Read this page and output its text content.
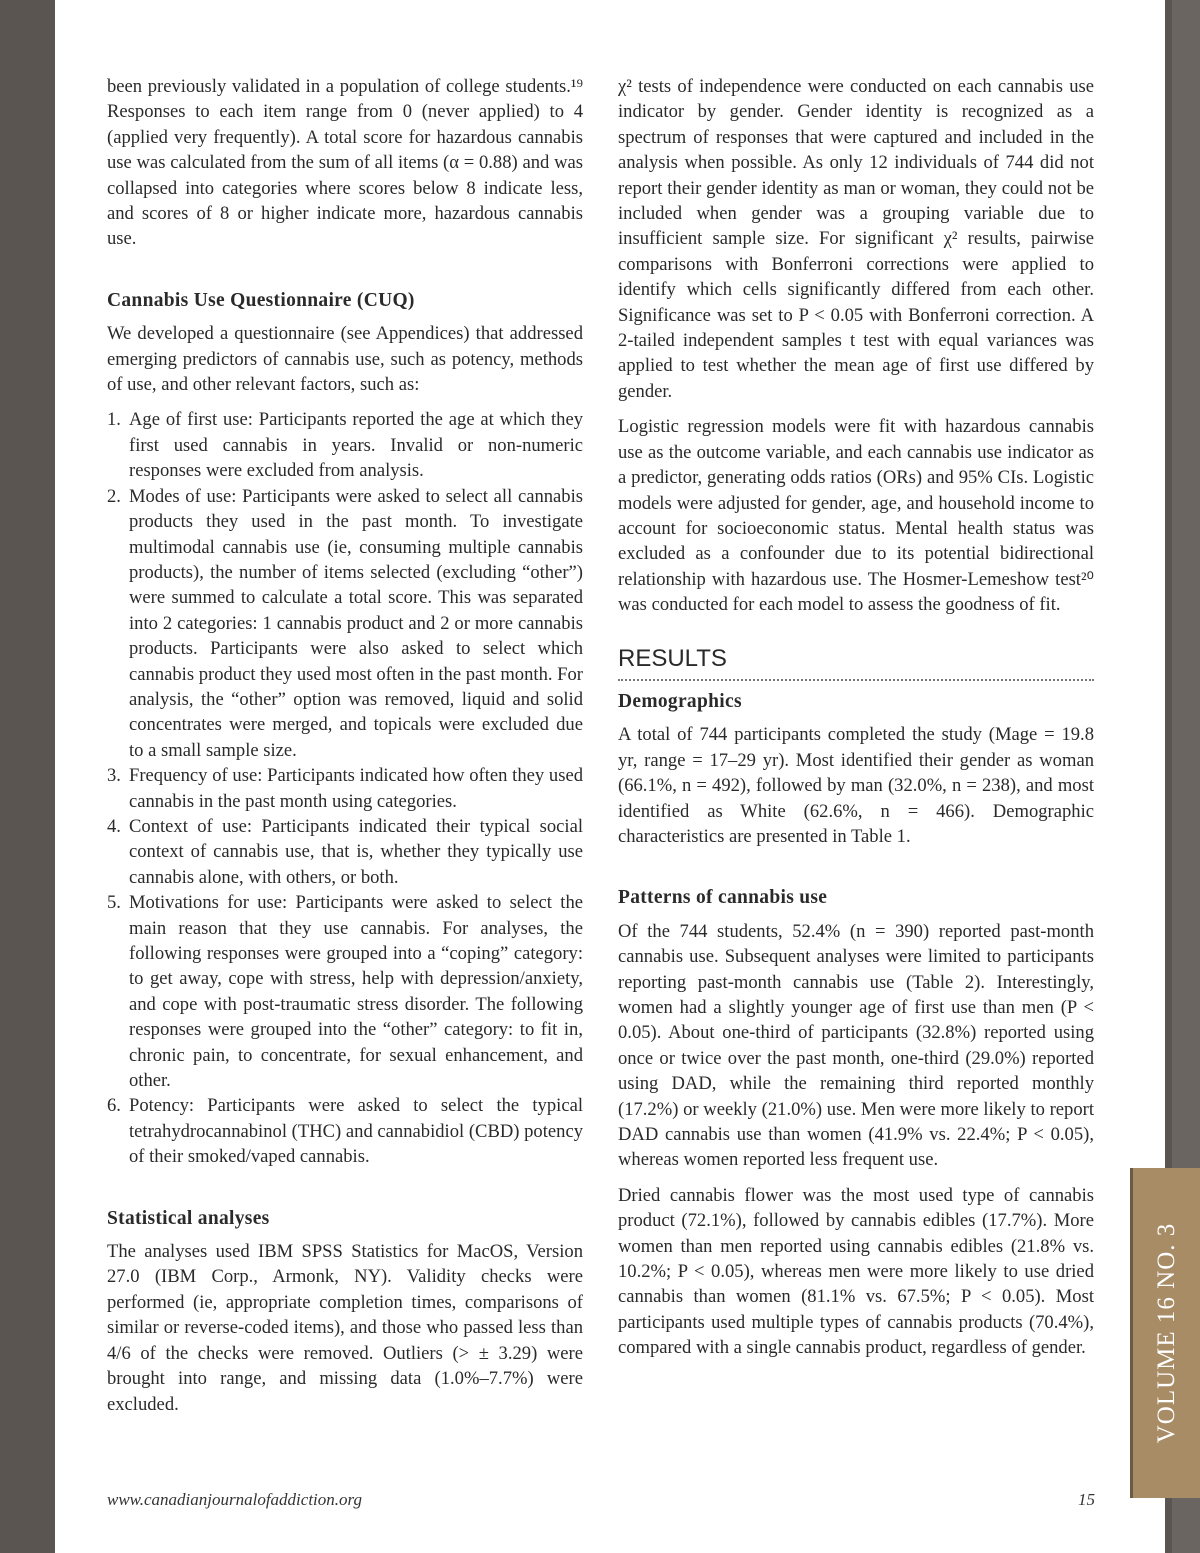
been previously validated in a population of college students.¹⁹ Responses to each item range from 0 (never applied) to 4 (applied very frequently). A total score for hazardous cannabis use was calculated from the sum of all items (α = 0.88) and was collapsed into categories where scores below 8 indicate less, and scores of 8 or higher indicate more, hazardous cannabis use.

Cannabis Use Questionnaire (CUQ)

We developed a questionnaire (see Appendices) that addressed emerging predictors of cannabis use, such as potency, methods of use, and other relevant factors, such as:

1. Age of first use: Participants reported the age at which they first used cannabis in years. Invalid or non-numeric responses were excluded from analysis.
2. Modes of use: Participants were asked to select all cannabis products they used in the past month. To investigate multimodal cannabis use (ie, consuming multiple cannabis products), the number of items selected (excluding “other”) were summed to calculate a total score. This was separated into 2 categories: 1 cannabis product and 2 or more cannabis products. Participants were also asked to select which cannabis product they used most often in the past month. For analysis, the “other” option was removed, liquid and solid concentrates were merged, and topicals were excluded due to a small sample size.
3. Frequency of use: Participants indicated how often they used cannabis in the past month using categories.
4. Context of use: Participants indicated their typical social context of cannabis use, that is, whether they typically use cannabis alone, with others, or both.
5. Motivations for use: Participants were asked to select the main reason that they use cannabis. For analyses, the following responses were grouped into a “coping” category: to get away, cope with stress, help with depression/anxiety, and cope with post-traumatic stress disorder. The following responses were grouped into the “other” category: to fit in, chronic pain, to concentrate, for sexual enhancement, and other.
6. Potency: Participants were asked to select the typical tetrahydrocannabinol (THC) and cannabidiol (CBD) potency of their smoked/vaped cannabis.
Statistical analyses

The analyses used IBM SPSS Statistics for MacOS, Version 27.0 (IBM Corp., Armonk, NY). Validity checks were performed (ie, appropriate completion times, comparisons of similar or reverse-coded items), and those who passed less than 4/6 of the checks were removed. Outliers (> ± 3.29) were brought into range, and missing data (1.0%–7.7%) were excluded.

χ² tests of independence were conducted on each cannabis use indicator by gender. Gender identity is recognized as a spectrum of responses that were captured and included in the analysis when possible. As only 12 individuals of 744 did not report their gender identity as man or woman, they could not be included when gender was a grouping variable due to insufficient sample size. For significant χ² results, pairwise comparisons with Bonferroni corrections were applied to identify which cells significantly differed from each other. Significance was set to P < 0.05 with Bonferroni correction. A 2-tailed independent samples t test with equal variances was applied to test whether the mean age of first use differed by gender.

Logistic regression models were fit with hazardous cannabis use as the outcome variable, and each cannabis use indicator as a predictor, generating odds ratios (ORs) and 95% CIs. Logistic models were adjusted for gender, age, and household income to account for socioeconomic status. Mental health status was excluded as a confounder due to its potential bidirectional relationship with hazardous use. The Hosmer-Lemeshow test²⁰ was conducted for each model to assess the goodness of fit.

RESULTS
Demographics

A total of 744 participants completed the study (Mage = 19.8 yr, range = 17–29 yr). Most identified their gender as woman (66.1%, n = 492), followed by man (32.0%, n = 238), and most identified as White (62.6%, n = 466). Demographic characteristics are presented in Table 1.

Patterns of cannabis use

Of the 744 students, 52.4% (n = 390) reported past-month cannabis use. Subsequent analyses were limited to participants reporting past-month cannabis use (Table 2). Interestingly, women had a slightly younger age of first use than men (P < 0.05). About one-third of participants (32.8%) reported using once or twice over the past month, one-third (29.0%) reported using DAD, while the remaining third reported monthly (17.2%) or weekly (21.0%) use. Men were more likely to report DAD cannabis use than women (41.9% vs. 22.4%; P < 0.05), whereas women reported less frequent use.

Dried cannabis flower was the most used type of cannabis product (72.1%), followed by cannabis edibles (17.7%). More women than men reported using cannabis edibles (21.8% vs. 10.2%; P < 0.05), whereas men were more likely to use dried cannabis than women (81.1% vs. 67.5%; P < 0.05). Most participants used multiple types of cannabis products (70.4%), compared with a single cannabis product, regardless of gender.	VOLUME 16 NO. 3
www.canadianjournalofaddiction.org	15
